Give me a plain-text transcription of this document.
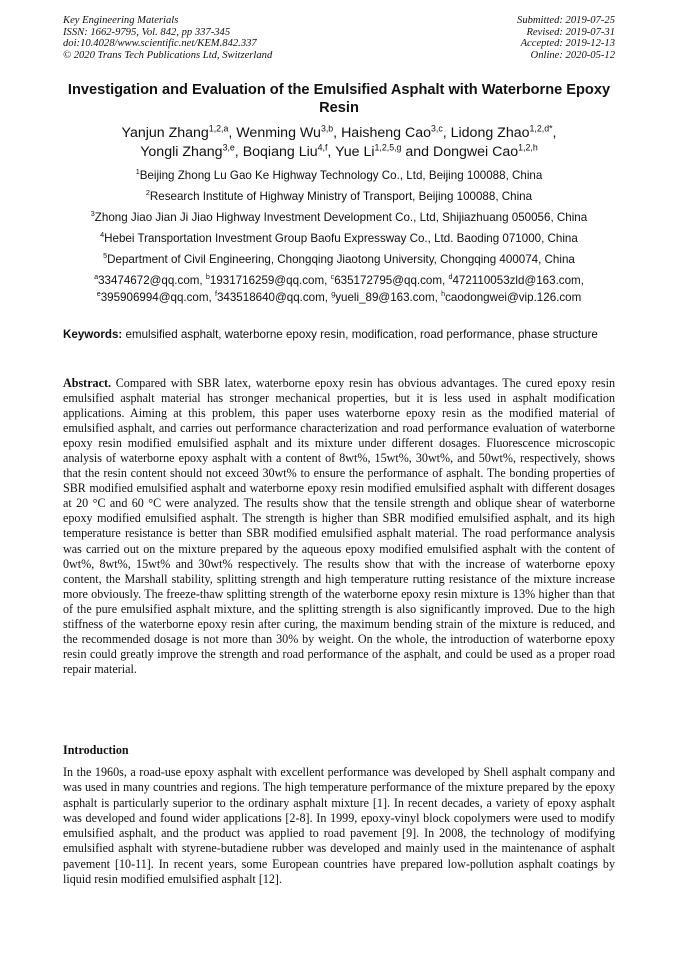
Key Engineering Materials
ISSN: 1662-9795, Vol. 842, pp 337-345
doi:10.4028/www.scientific.net/KEM.842.337
© 2020 Trans Tech Publications Ltd, Switzerland
Submitted: 2019-07-25
Revised: 2019-07-31
Accepted: 2019-12-13
Online: 2020-05-12
Investigation and Evaluation of the Emulsified Asphalt with Waterborne Epoxy Resin
Yanjun Zhang$^{1,2,a}$, Wenming Wu$^{3,b}$, Haisheng Cao$^{3,c}$, Lidong Zhao$^{1,2,d*}$,
Yongli Zhang$^{3,e}$, Boqiang Liu$^{4,f}$, Yue Li$^{1,2,5,g}$ and Dongwei Cao$^{1,2,h}$
$^1$Beijing Zhong Lu Gao Ke Highway Technology Co., Ltd, Beijing 100088, China
$^2$Research Institute of Highway Ministry of Transport, Beijing 100088, China
$^3$Zhong Jiao Jian Ji Jiao Highway Investment Development Co., Ltd, Shijiazhuang 050056, China
$^4$Hebei Transportation Investment Group Baofu Expressway Co., Ltd. Baoding 071000, China
$^5$Department of Civil Engineering, Chongqing Jiaotong University, Chongqing 400074, China
$^a$33474672@qq.com, $^b$1931716259@qq.com, $^c$635172795@qq.com, $^d$472110053zld@163.com,
$^e$395906994@qq.com, $^f$343518640@qq.com, $^g$yueli_89@163.com, $^h$caodongwei@vip.126.com
Keywords: emulsified asphalt, waterborne epoxy resin, modification, road performance, phase structure
Abstract. Compared with SBR latex, waterborne epoxy resin has obvious advantages. The cured epoxy resin emulsified asphalt material has stronger mechanical properties, but it is less used in asphalt modification applications. Aiming at this problem, this paper uses waterborne epoxy resin as the modified material of emulsified asphalt, and carries out performance characterization and road performance evaluation of waterborne epoxy resin modified emulsified asphalt and its mixture under different dosages. Fluorescence microscopic analysis of waterborne epoxy asphalt with a content of 8wt%, 15wt%, 30wt%, and 50wt%, respectively, shows that the resin content should not exceed 30wt% to ensure the performance of asphalt. The bonding properties of SBR modified emulsified asphalt and waterborne epoxy resin modified emulsified asphalt with different dosages at 20 °C and 60 °C were analyzed. The results show that the tensile strength and oblique shear of waterborne epoxy modified emulsified asphalt. The strength is higher than SBR modified emulsified asphalt, and its high temperature resistance is better than SBR modified emulsified asphalt material. The road performance analysis was carried out on the mixture prepared by the aqueous epoxy modified emulsified asphalt with the content of 0wt%, 8wt%, 15wt% and 30wt% respectively. The results show that with the increase of waterborne epoxy content, the Marshall stability, splitting strength and high temperature rutting resistance of the mixture increase more obviously. The freeze-thaw splitting strength of the waterborne epoxy resin mixture is 13% higher than that of the pure emulsified asphalt mixture, and the splitting strength is also significantly improved. Due to the high stiffness of the waterborne epoxy resin after curing, the maximum bending strain of the mixture is reduced, and the recommended dosage is not more than 30% by weight. On the whole, the introduction of waterborne epoxy resin could greatly improve the strength and road performance of the asphalt, and could be used as a proper road repair material.
Introduction
In the 1960s, a road-use epoxy asphalt with excellent performance was developed by Shell asphalt company and was used in many countries and regions. The high temperature performance of the mixture prepared by the epoxy asphalt is particularly superior to the ordinary asphalt mixture [1]. In recent decades, a variety of epoxy asphalt was developed and found wider applications [2-8]. In 1999, epoxy-vinyl block copolymers were used to modify emulsified asphalt, and the product was applied to road pavement [9]. In 2008, the technology of modifying emulsified asphalt with styrene-butadiene rubber was developed and mainly used in the maintenance of asphalt pavement [10-11]. In recent years, some European countries have prepared low-pollution asphalt coatings by liquid resin modified emulsified asphalt [12].
